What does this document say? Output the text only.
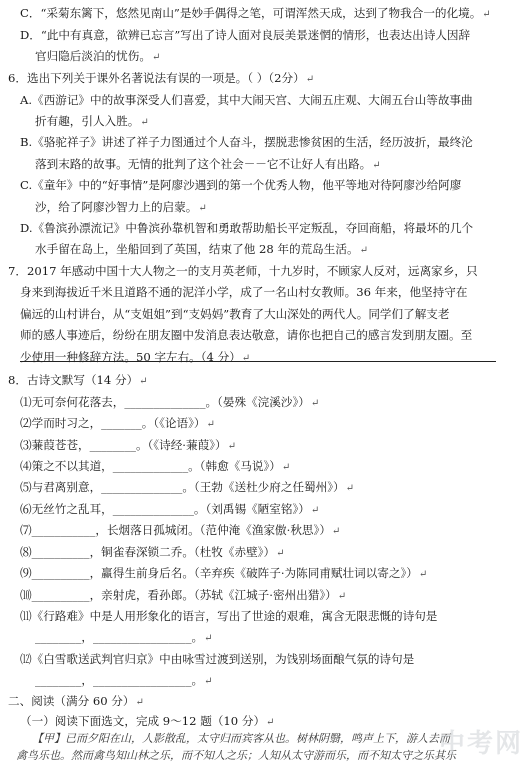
C．“采菊东篱下，悠然见南山”是妙手偶得之笔，可谓浑然天成，达到了物我合一的化境。↵
D．“此中有真意，欲辨已忘言”写出了诗人面对良辰美景迷惘的情形，也表达出诗人因辞
官归隐后淡泊的忧伤。↵
6．选出下列关于课外名著说法有误的一项是。（ ）（2分）↵
A.《西游记》中的故事深受人们喜爱，其中大闹天宫、大闹五庄观、大闹五台山等故事曲
折有趣，引人入胜。↵
B.《骆驼祥子》讲述了祥子力图通过个人奋斗，摆脱悲惨贫困的生活，经历波折，最终沦
落到末路的故事。无情的批判了这个社会－－它不让好人有出路。↵
C.《童年》中的“好事情”是阿廖沙遇到的第一个优秀人物，他平等地对待阿廖沙给阿廖
沙，给了阿廖沙智力上的启蒙。↵
D.《鲁滨孙漂流记》中鲁滨孙靠机智和勇敢帮助船长平定叛乱，夺回商船，将最坏的几个
水手留在岛上，坐船回到了英国，结束了他 28 年的荒岛生活。↵
7．2017 年感动中国十大人物之一的支月英老师，十九岁时，不顾家人反对，远离家乡，只
身来到海拔近千米且道路不通的泥洋小学，成了一名山村女教师。36 年来，他坚持守在
偏远的山村讲台，从“支姐姐”到“支妈妈”教育了大山深处的两代人。同学们了解支老
师的感人事迹后，纷纷在朋友圈中发消息表达敬意，请你也把自己的感言发到朋友圈。至
少使用一种修辞方法。50 字左右。（4 分）↵
8．古诗文默写（14 分）↵
⑴无可奈何花落去，______________。（晏殊《浣溪沙》）↵
⑵学而时习之，_______。（《论语》）↵
⑶蒹葭苍苍，________。（《诗经·蒹葭》）↵
⑷策之不以其道，_____________。（韩愈《马说》）↵
⑸与君离别意，______________。（王勃《送杜少府之任蜀州》）↵
⑹无丝竹之乱耳，______________。（刘禹锡《陋室铭》）↵
⑺___________，长烟落日孤城闭。（范仲淹《渔家傲·秋思》）↵
⑻__________，铜雀春深锁二乔。（杜牧《赤壁》）↵
⑼__________，赢得生前身后名。（辛弃疾《破阵子·为陈同甫赋壮词以寄之》）↵
⑽__________，亲射虎，看孙郎。（苏轼《江城子·密州出猎》）↵
⑾《行路难》中是人用形象化的语言，写出了世途的艰难，寓含无限悲慨的诗句是
________，_________________。↵
⑿《白雪歌送武判官归京》中由咏雪过渡到送别，为饯别场面酿气氛的诗句是
________，_________________。↵
二、阅读（满分 60 分）↵
（一）阅读下面选文，完成 9～12 题（10 分）↵
【甲】已而夕阳在山，人影散乱，太守归而宾客从也。树林阴翳，鸣声上下，游人去而
禽鸟乐也。然而禽鸟知山林之乐，而不知人之乐；人知从太守游而乐，而不知太守之乐其乐
中考网
